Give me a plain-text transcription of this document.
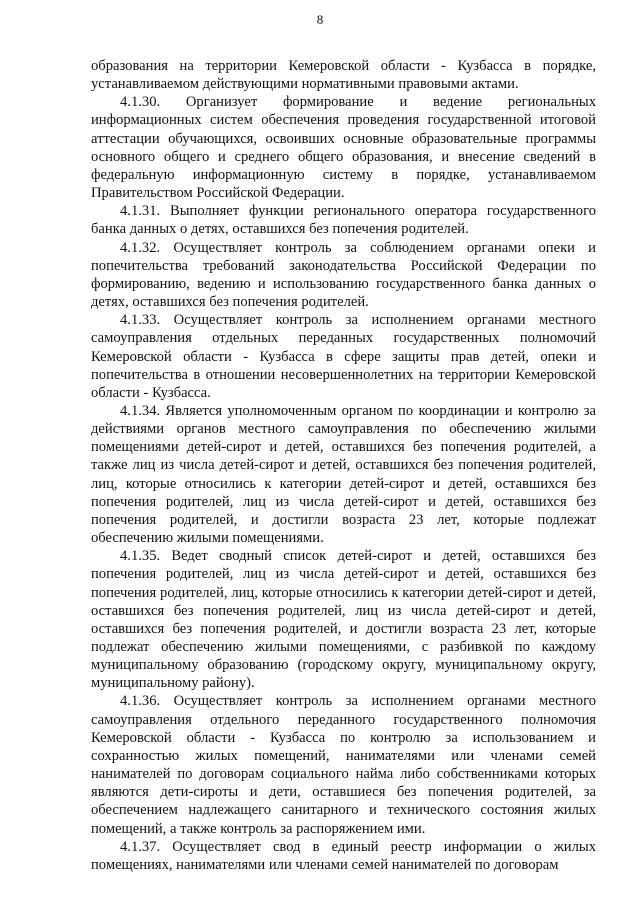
8

образования на территории Кемеровской области - Кузбасса в порядке, устанавливаемом действующими нормативными правовыми актами.

4.1.30. Организует формирование и ведение региональных информационных систем обеспечения проведения государственной итоговой аттестации обучающихся, освоивших основные образовательные программы основного общего и среднего общего образования, и внесение сведений в федеральную информационную систему в порядке, устанавливаемом Правительством Российской Федерации.

4.1.31. Выполняет функции регионального оператора государственного банка данных о детях, оставшихся без попечения родителей.

4.1.32. Осуществляет контроль за соблюдением органами опеки и попечительства требований законодательства Российской Федерации по формированию, ведению и использованию государственного банка данных о детях, оставшихся без попечения родителей.

4.1.33. Осуществляет контроль за исполнением органами местного самоуправления отдельных переданных государственных полномочий Кемеровской области - Кузбасса в сфере защиты прав детей, опеки и попечительства в отношении несовершеннолетних на территории Кемеровской области - Кузбасса.

4.1.34. Является уполномоченным органом по координации и контролю за действиями органов местного самоуправления по обеспечению жилыми помещениями детей-сирот и детей, оставшихся без попечения родителей, а также лиц из числа детей-сирот и детей, оставшихся без попечения родителей, лиц, которые относились к категории детей-сирот и детей, оставшихся без попечения родителей, лиц из числа детей-сирот и детей, оставшихся без попечения родителей, и достигли возраста 23 лет, которые подлежат обеспечению жилыми помещениями.

4.1.35. Ведет сводный список детей-сирот и детей, оставшихся без попечения родителей, лиц из числа детей-сирот и детей, оставшихся без попечения родителей, лиц, которые относились к категории детей-сирот и детей, оставшихся без попечения родителей, лиц из числа детей-сирот и детей, оставшихся без попечения родителей, и достигли возраста 23 лет, которые подлежат обеспечению жилыми помещениями, с разбивкой по каждому муниципальному образованию (городскому округу, муниципальному округу, муниципальному району).

4.1.36. Осуществляет контроль за исполнением органами местного самоуправления отдельного переданного государственного полномочия Кемеровской области - Кузбасса по контролю за использованием и сохранностью жилых помещений, нанимателями или членами семей нанимателей по договорам социального найма либо собственниками которых являются дети-сироты и дети, оставшиеся без попечения родителей, за обеспечением надлежащего санитарного и технического состояния жилых помещений, а также контроль за распоряжением ими.

4.1.37. Осуществляет свод в единый реестр информации о жилых помещениях, нанимателями или членами семей нанимателей по договорам
